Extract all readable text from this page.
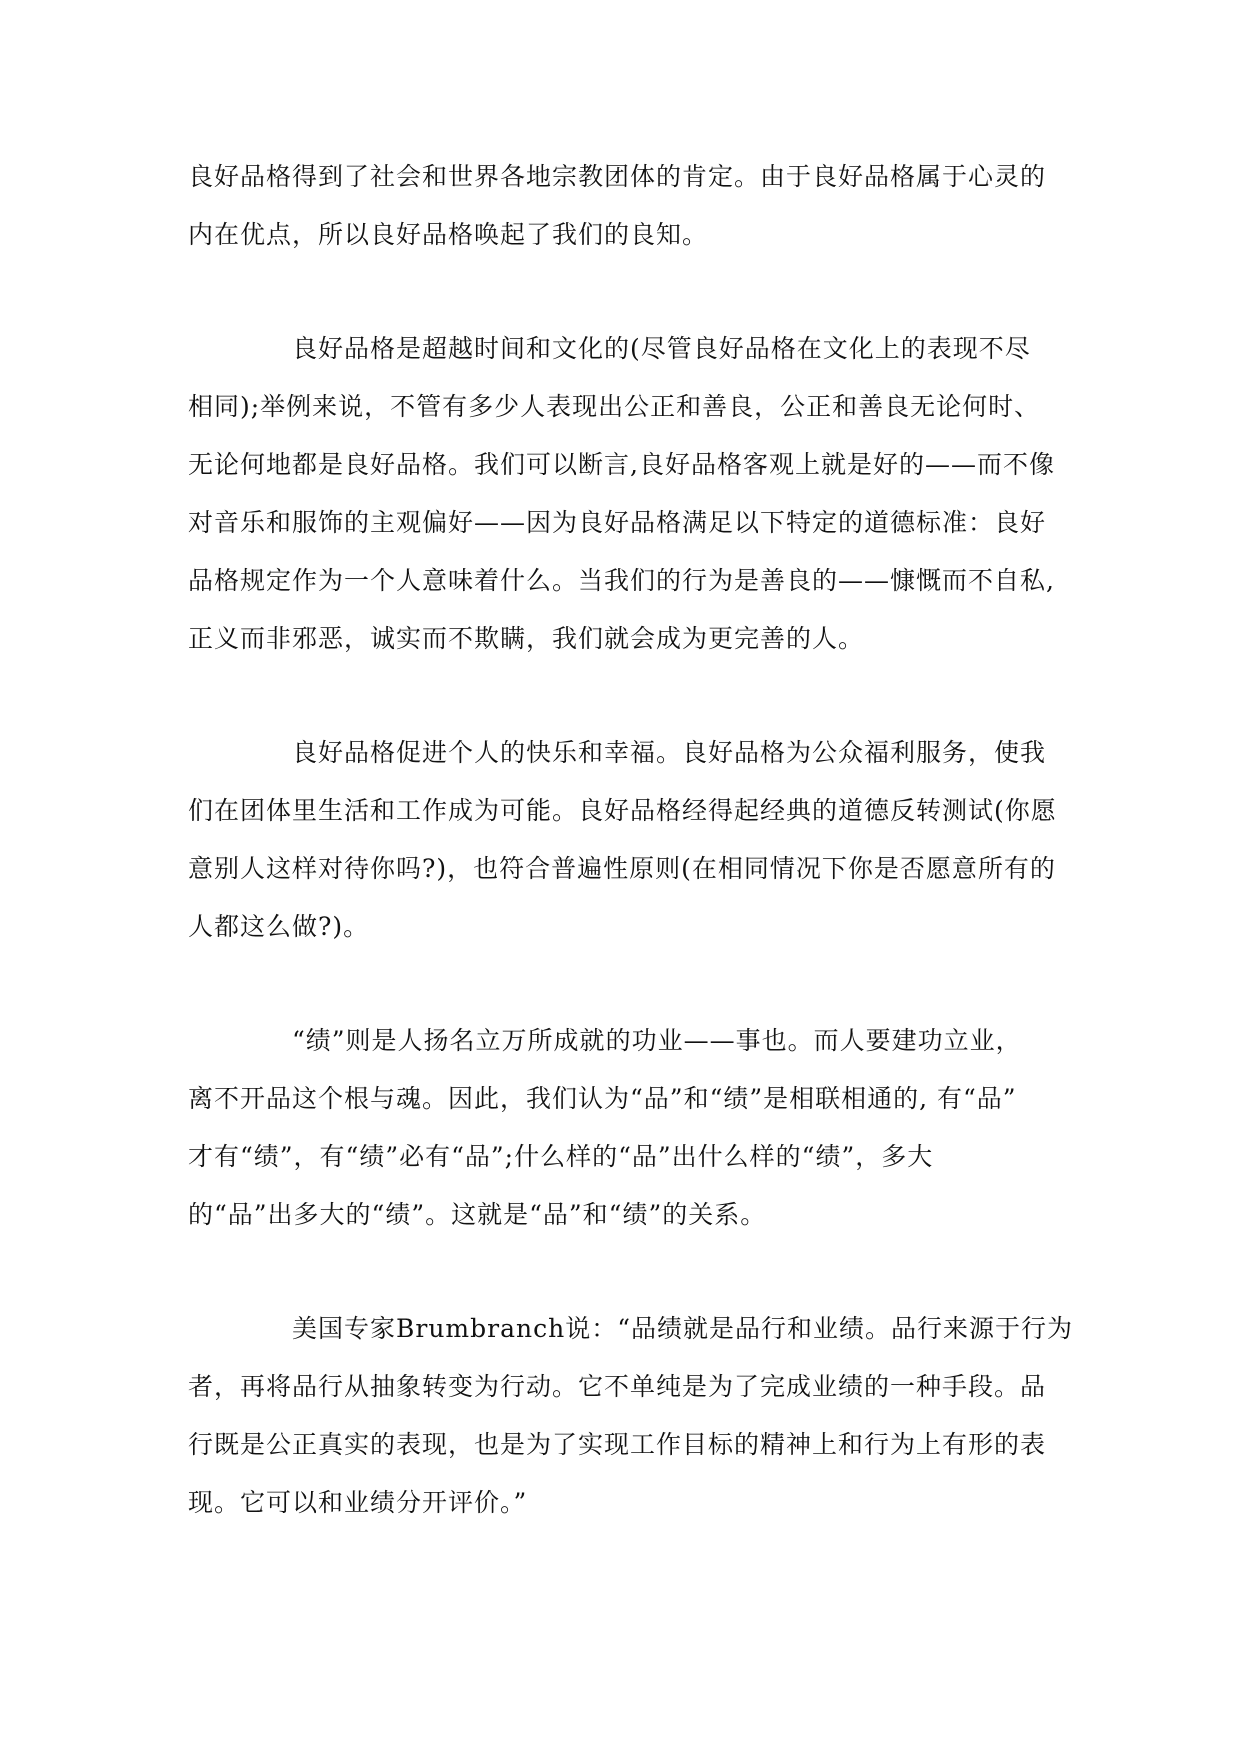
良好品格得到了社会和世界各地宗教团体的肯定。由于良好品格属于心灵的
内在优点，所以良好品格唤起了我们的良知。

良好品格是超越时间和文化的(尽管良好品格在文化上的表现不尽
相同);举例来说，不管有多少人表现出公正和善良，公正和善良无论何时、
无论何地都是良好品格。我们可以断言,良好品格客观上就是好的——而不像
对音乐和服饰的主观偏好——因为良好品格满足以下特定的道德标准：良好
品格规定作为一个人意味着什么。当我们的行为是善良的——慷慨而不自私,
正义而非邪恶，诚实而不欺瞒，我们就会成为更完善的人。

良好品格促进个人的快乐和幸福。良好品格为公众福利服务，使我
们在团体里生活和工作成为可能。良好品格经得起经典的道德反转测试(你愿
意别人这样对待你吗?)，也符合普遍性原则(在相同情况下你是否愿意所有的
人都这么做?)。

“绩”则是人扬名立万所成就的功业——事也。而人要建功立业，
离不开品这个根与魂。因此，我们认为“品”和“绩”是相联相通的, 有“品”
才有“绩”，有“绩”必有“品”;什么样的“品”出什么样的“绩”，多大
的“品”出多大的“绩”。这就是“品”和“绩”的关系。

美国专家Brumbranch说：“品绩就是品行和业绩。品行来源于行为
者，再将品行从抽象转变为行动。它不单纯是为了完成业绩的一种手段。品
行既是公正真实的表现，也是为了实现工作目标的精神上和行为上有形的表
现。它可以和业绩分开评价。”
